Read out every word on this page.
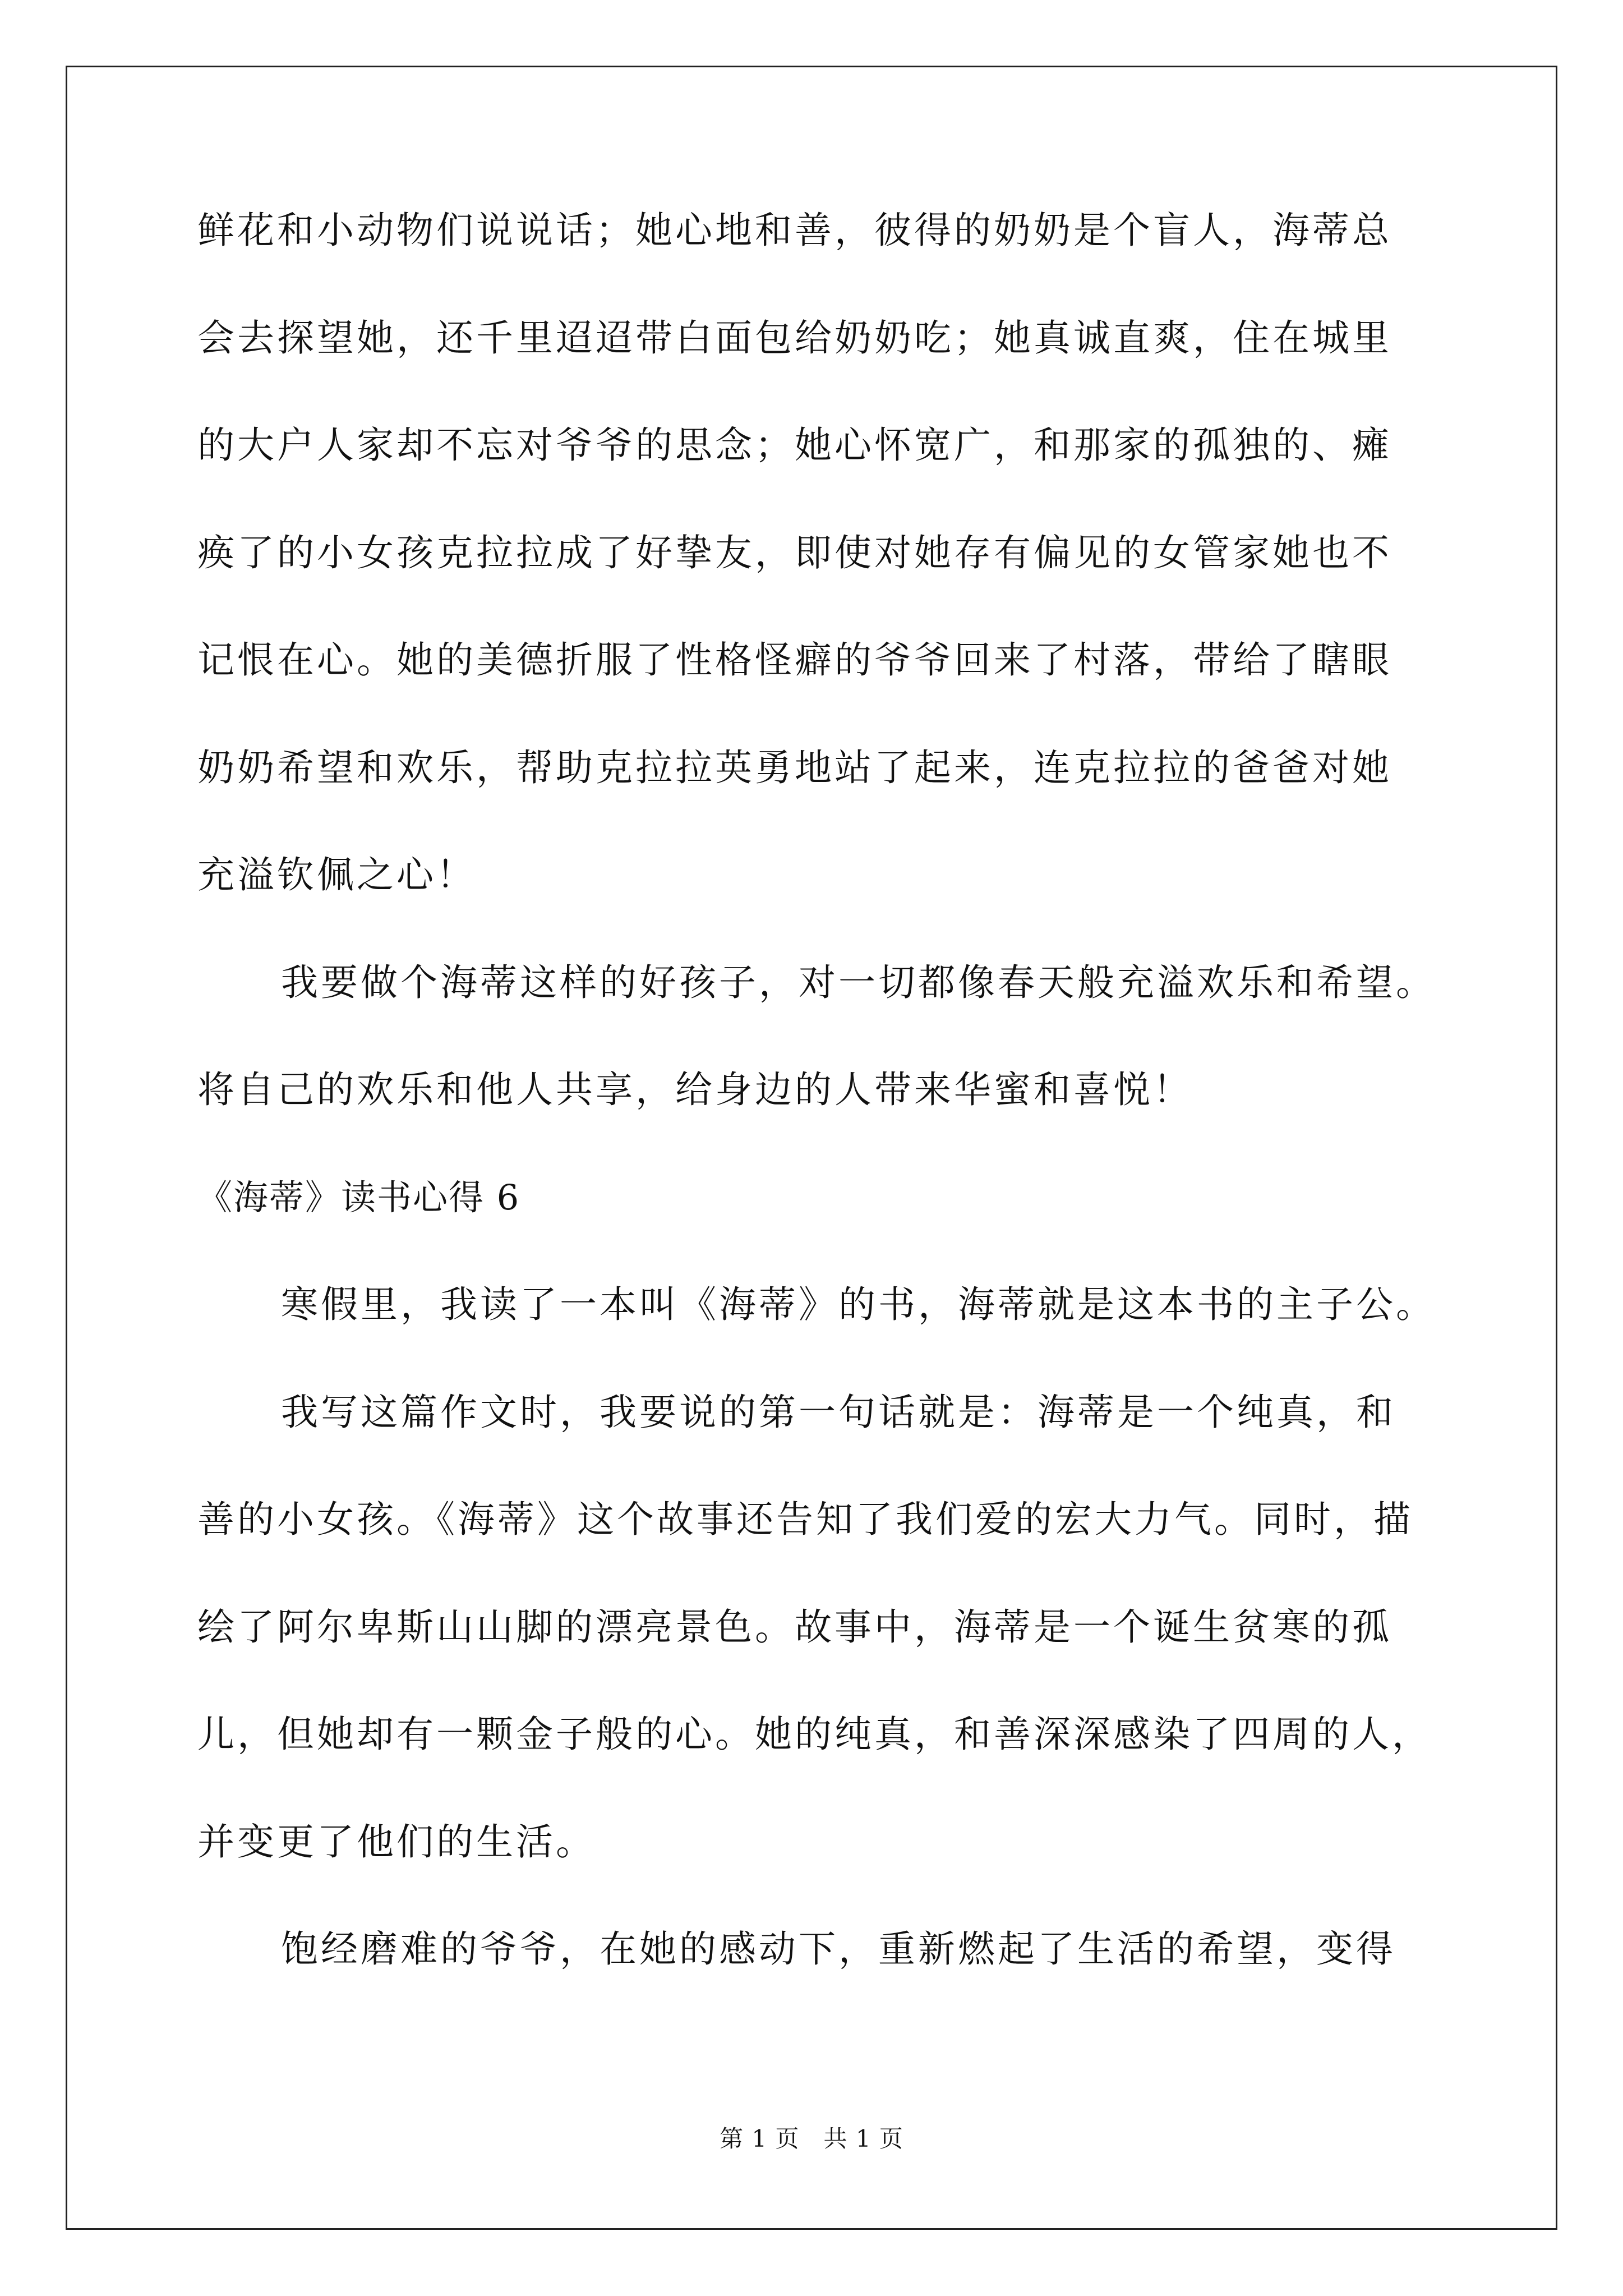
鲜花和小动物们说说话；她心地和善，彼得的奶奶是个盲人，海蒂总
会去探望她，还千里迢迢带白面包给奶奶吃；她真诚直爽，住在城里
的大户人家却不忘对爷爷的思念；她心怀宽广，和那家的孤独的、瘫
痪了的小女孩克拉拉成了好挚友，即使对她存有偏见的女管家她也不
记恨在心。她的美德折服了性格怪癖的爷爷回来了村落，带给了瞎眼
奶奶希望和欢乐，帮助克拉拉英勇地站了起来，连克拉拉的爸爸对她
充溢钦佩之心！
我要做个海蒂这样的好孩子，对一切都像春天般充溢欢乐和希望。
将自己的欢乐和他人共享，给身边的人带来华蜜和喜悦！
《海蒂》读书心得 6
寒假里，我读了一本叫《海蒂》的书，海蒂就是这本书的主子公。
我写这篇作文时，我要说的第一句话就是：海蒂是一个纯真，和
善的小女孩。《海蒂》这个故事还告知了我们爱的宏大力气。同时，描
绘了阿尔卑斯山山脚的漂亮景色。故事中，海蒂是一个诞生贫寒的孤
儿，但她却有一颗金子般的心。她的纯真，和善深深感染了四周的人，
并变更了他们的生活。
饱经磨难的爷爷，在她的感动下，重新燃起了生活的希望，变得
第 1 页　共 1 页
